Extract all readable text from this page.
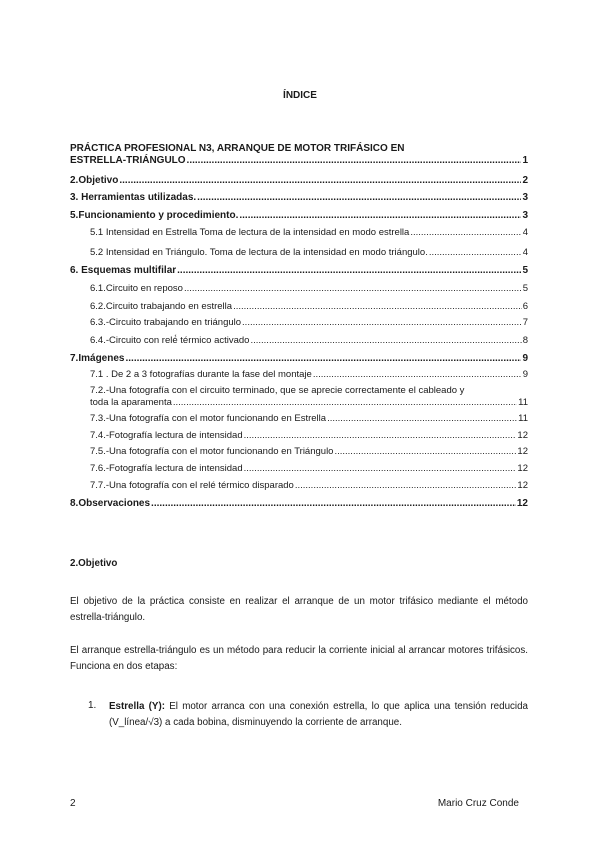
ÍNDICE
PRÁCTICA PROFESIONAL N3, ARRANQUE DE MOTOR TRIFÁSICO EN
ESTRELLA-TRIÁNGULO .....	1
2.Objetivo .....	2
3. Herramientas utilizadas. .....	3
5.Funcionamiento y procedimiento. .....	3
5.1 Intensidad en Estrella Toma de lectura de la intensidad en modo estrella .....	4
5.2 Intensidad en Triángulo. Toma de lectura de la intensidad en modo triángulo. .....	4
6. Esquemas multifilar .....	5
6.1.Circuito en reposo .....	5
6.2.Circuito trabajando en estrella .....	6
6.3.-Circuito trabajando en triángulo .....	7
6.4.-Circuito con relé́ térmico activado .....	8
7.Imágenes .....	9
7.1 . De 2 a 3 fotografías durante la fase del montaje .....	9
7.2.-Una fotografía con el circuito terminado, que se aprecie correctamente el cableado y
toda la aparamenta .....	11
7.3.-Una fotografía con el motor funcionando en Estrella .....	11
7.4.-Fotografía lectura de intensidad .....	12
7.5.-Una fotografía con el motor funcionando en Triángulo .....	12
7.6.-Fotografía lectura de intensidad .....	12
7.7.-Una fotografía con el relé térmico disparado .....	12
8.Observaciones .....	12
2.Objetivo
El objetivo de la práctica consiste en realizar el arranque de un motor trifásico mediante el método estrella-triángulo.
El arranque estrella-triángulo es un método para reducir la corriente inicial al arrancar motores trifásicos. Funciona en dos etapas:
1. Estrella (Y): El motor arranca con una conexión estrella, lo que aplica una tensión reducida (V_línea/√3) a cada bobina, disminuyendo la corriente de arranque.
2	Mario Cruz Conde
